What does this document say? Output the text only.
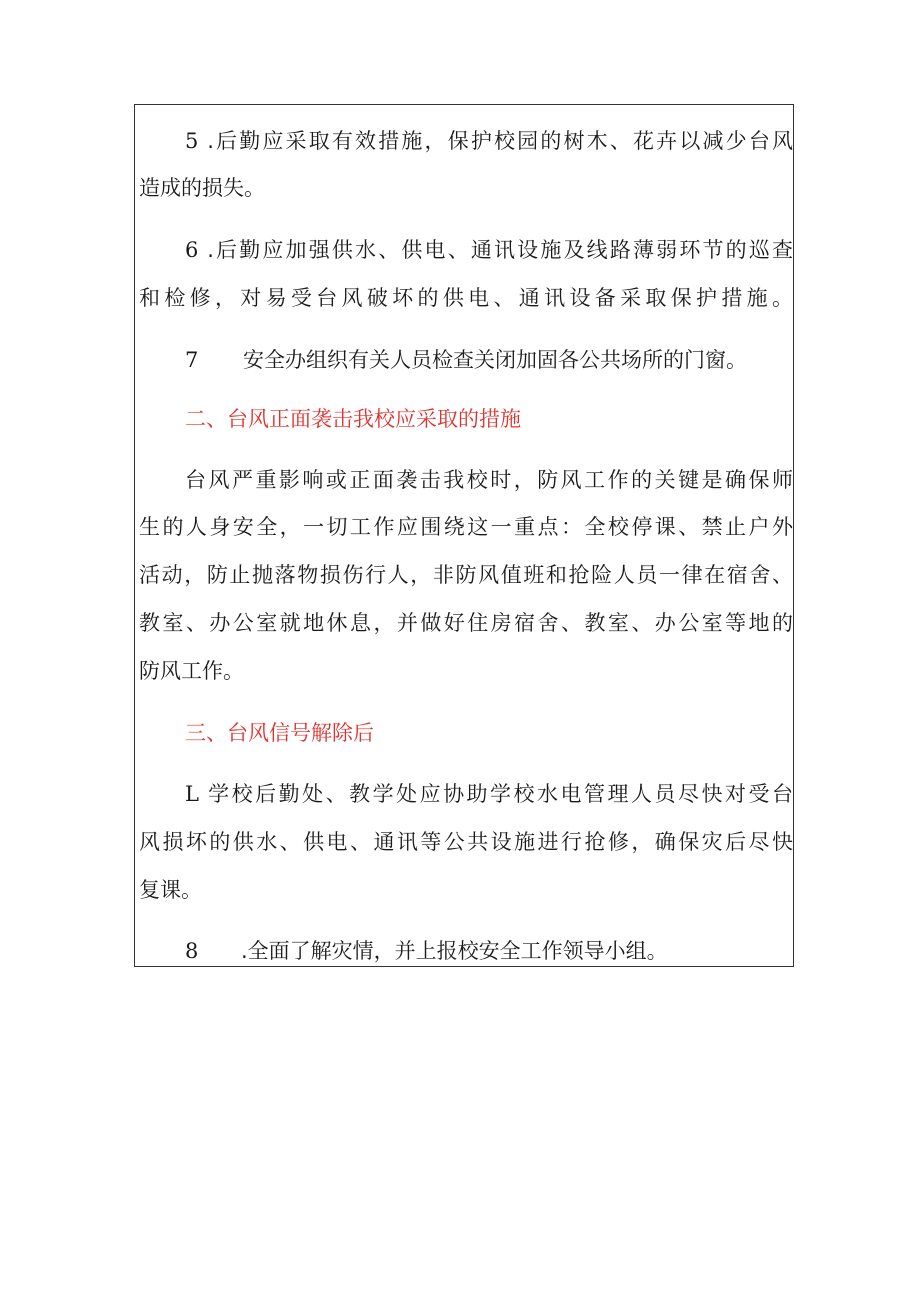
5 .后勤应采取有效措施，保护校园的树木、花卉以减少台风
造成的损失。
6 .后勤应加强供水、供电、通讯设施及线路薄弱环节的巡查
和检修，对易受台风破坏的供电、通讯设备采取保护措施。
7 安全办组织有关人员检查关闭加固各公共场所的门窗。
二、台风正面袭击我校应采取的措施
台风严重影响或正面袭击我校时，防风工作的关键是确保师
生的人身安全，一切工作应围绕这一重点：全校停课、禁止户外
活动，防止抛落物损伤行人，非防风值班和抢险人员一律在宿舍、
教室、办公室就地休息，并做好住房宿舍、教室、办公室等地的
防风工作。
三、台风信号解除后
L 学校后勤处、教学处应协助学校水电管理人员尽快对受台
风损坏的供水、供电、通讯等公共设施进行抢修，确保灾后尽快
复课。
8 .全面了解灾情，并上报校安全工作领导小组。
